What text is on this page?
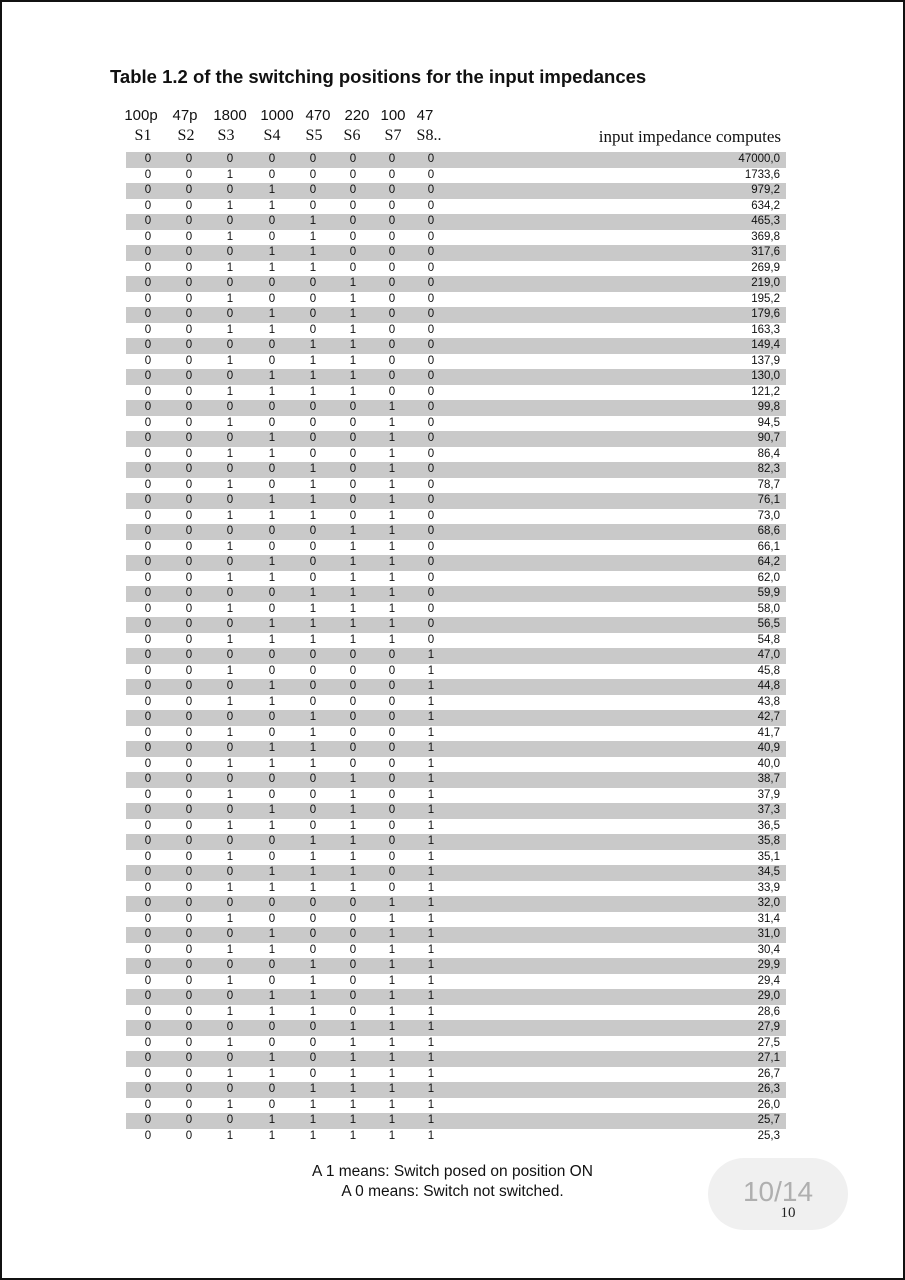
Table 1.2 of the switching positions for the input impedances
100p 47p 1800 1000 470 220 100 47
S1 S2 S3 S4 S5 S6 S7 S8..	input impedance computes
0	0	0	0	0	0	0	0	47000,0
0	0	1	0	0	0	0	0	1733,6
0	0	0	1	0	0	0	0	979,2
0	0	1	1	0	0	0	0	634,2
0	0	0	0	1	0	0	0	465,3
0	0	1	0	1	0	0	0	369,8
0	0	0	1	1	0	0	0	317,6
0	0	1	1	1	0	0	0	269,9
0	0	0	0	0	1	0	0	219,0
0	0	1	0	0	1	0	0	195,2
0	0	0	1	0	1	0	0	179,6
0	0	1	1	0	1	0	0	163,3
0	0	0	0	1	1	0	0	149,4
0	0	1	0	1	1	0	0	137,9
0	0	0	1	1	1	0	0	130,0
0	0	1	1	1	1	0	0	121,2
0	0	0	0	0	0	1	0	99,8
0	0	1	0	0	0	1	0	94,5
0	0	0	1	0	0	1	0	90,7
0	0	1	1	0	0	1	0	86,4
0	0	0	0	1	0	1	0	82,3
0	0	1	0	1	0	1	0	78,7
0	0	0	1	1	0	1	0	76,1
0	0	1	1	1	0	1	0	73,0
0	0	0	0	0	1	1	0	68,6
0	0	1	0	0	1	1	0	66,1
0	0	0	1	0	1	1	0	64,2
0	0	1	1	0	1	1	0	62,0
0	0	0	0	1	1	1	0	59,9
0	0	1	0	1	1	1	0	58,0
0	0	0	1	1	1	1	0	56,5
0	0	1	1	1	1	1	0	54,8
0	0	0	0	0	0	0	1	47,0
0	0	1	0	0	0	0	1	45,8
0	0	0	1	0	0	0	1	44,8
0	0	1	1	0	0	0	1	43,8
0	0	0	0	1	0	0	1	42,7
0	0	1	0	1	0	0	1	41,7
0	0	0	1	1	0	0	1	40,9
0	0	1	1	1	0	0	1	40,0
0	0	0	0	0	1	0	1	38,7
0	0	1	0	0	1	0	1	37,9
0	0	0	1	0	1	0	1	37,3
0	0	1	1	0	1	0	1	36,5
0	0	0	0	1	1	0	1	35,8
0	0	1	0	1	1	0	1	35,1
0	0	0	1	1	1	0	1	34,5
0	0	1	1	1	1	0	1	33,9
0	0	0	0	0	0	1	1	32,0
0	0	1	0	0	0	1	1	31,4
0	0	0	1	0	0	1	1	31,0
0	0	1	1	0	0	1	1	30,4
0	0	0	0	1	0	1	1	29,9
0	0	1	0	1	0	1	1	29,4
0	0	0	1	1	0	1	1	29,0
0	0	1	1	1	0	1	1	28,6
0	0	0	0	0	1	1	1	27,9
0	0	1	0	0	1	1	1	27,5
0	0	0	1	0	1	1	1	27,1
0	0	1	1	0	1	1	1	26,7
0	0	0	0	1	1	1	1	26,3
0	0	1	0	1	1	1	1	26,0
0	0	0	1	1	1	1	1	25,7
0	0	1	1	1	1	1	1	25,3
A 1 means: Switch posed on position ON
A 0 means: Switch not switched.	10/14
10
